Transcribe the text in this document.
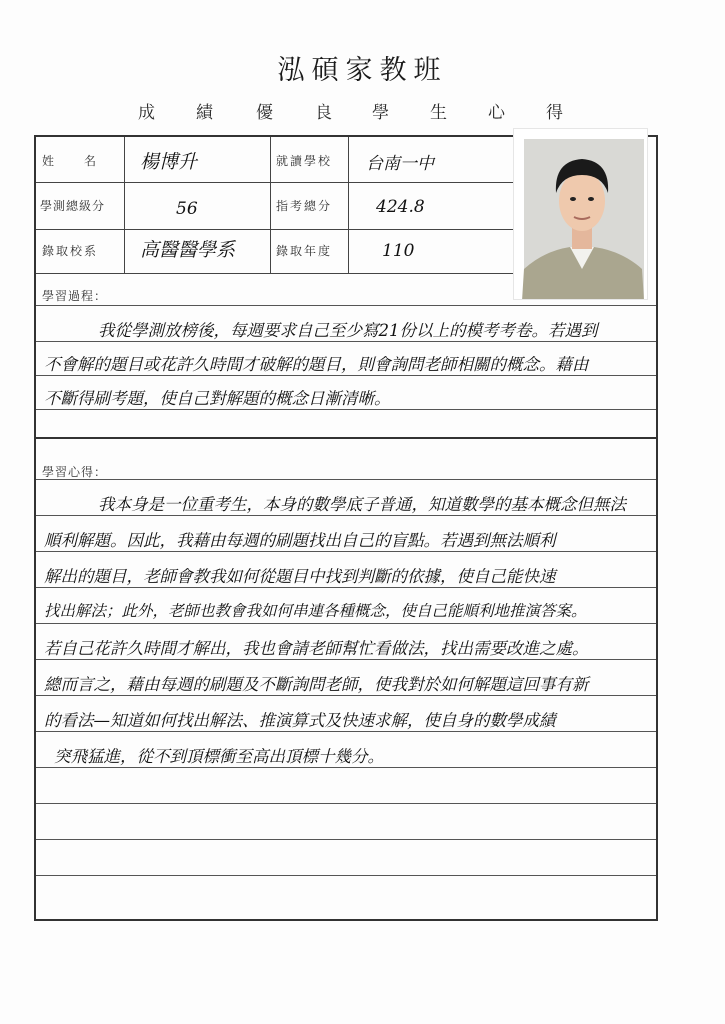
泓碩家教班
成 績	優 良 學 生 心 得
姓　　名 楊博升	就讀學校 台南一中
學測總級分	56	指考總分	424.8
錄取校系 高醫醫學系	錄取年度	110
學習過程：
我從學測放榜後，每週要求自己至少寫21份以上的模考考卷。若遇到
不會解的題目或花許久時間才破解的題目，則會詢問老師相關的概念。藉由
不斷得刷考題，使自己對解題的概念日漸清晰。
學習心得：
我本身是一位重考生，本身的數學底子普通，知道數學的基本概念但無法
順利解題。因此，我藉由每週的刷題找出自己的盲點。若遇到無法順利
解出的題目，老師會教我如何從題目中找到判斷的依據，使自己能快速
找出解法；此外，老師也教會我如何串連各種概念，使自己能順利地推演答案。
若自己花許久時間才解出，我也會請老師幫忙看做法，找出需要改進之處。
總而言之，藉由每週的刷題及不斷詢問老師，使我對於如何解題這回事有新
的看法—知道如何找出解法、推演算式及快速求解，使自身的數學成績
突飛猛進，從不到頂標衝至高出頂標十幾分。
